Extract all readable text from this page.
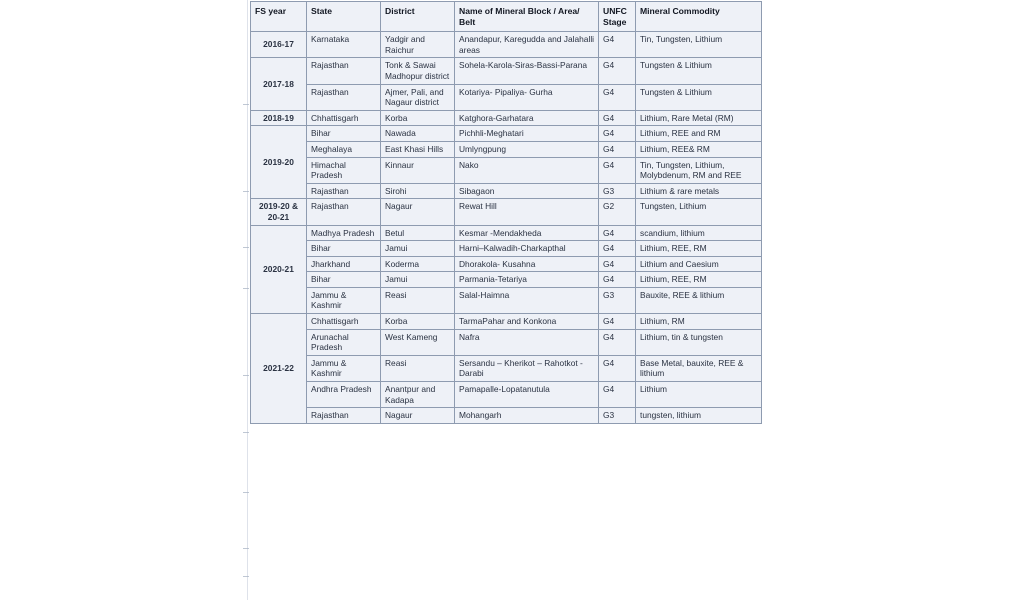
FS year	State	District	Name of Mineral Block / Area/ Belt	UNFC Stage	Mineral Commodity
2016-17	Karnataka	Yadgir and Raichur	Anandapur, Karegudda and Jalahalli areas	G4	Tin, Tungsten, Lithium
2017-18	Rajasthan	Tonk & Sawai Madhopur district	Sohela-Karola-Siras-Bassi-Parana	G4	Tungsten & Lithium
	Rajasthan	Ajmer, Pali, and Nagaur district	Kotariya- Pipaliya- Gurha	G4	Tungsten & Lithium
2018-19	Chhattisgarh	Korba	Katghora-Garhatara	G4	Lithium, Rare Metal (RM)
2019-20	Bihar	Nawada	Pichhli-Meghatari	G4	Lithium, REE and RM
	Meghalaya	East Khasi Hills	Umlyngpung	G4	Lithium, REE& RM
	Himachal Pradesh	Kinnaur	Nako	G4	Tin, Tungsten, Lithium, Molybdenum, RM and REE
	Rajasthan	Sirohi	Sibagaon	G3	Lithium & rare metals
2019-20 & 20-21	Rajasthan	Nagaur	Rewat Hill	G2	Tungsten, Lithium
2020-21	Madhya Pradesh	Betul	Kesmar -Mendakheda	G4	scandium, lithium
	Bihar	Jamui	Harni–Kalwadih-Charkapthal	G4	Lithium, REE, RM
	Jharkhand	Koderma	Dhorakola- Kusahna	G4	Lithium and Caesium
	Bihar	Jamui	Parmania-Tetariya	G4	Lithium, REE, RM
	Jammu & Kashmir	Reasi	Salal-Haimna	G3	Bauxite, REE & lithium
2021-22	Chhattisgarh	Korba	TarmaPahar and Konkona	G4	Lithium, RM
	Arunachal Pradesh	West Kameng	Nafra	G4	Lithium, tin & tungsten
	Jammu & Kashmir	Reasi	Sersandu – Kherikot – Rahotkot - Darabi	G4	Base Metal, bauxite, REE & lithium
	Andhra Pradesh	Anantpur and Kadapa	Pamapalle-Lopatanutula	G4	Lithium
	Rajasthan	Nagaur	Mohangarh	G3	tungsten, lithium
